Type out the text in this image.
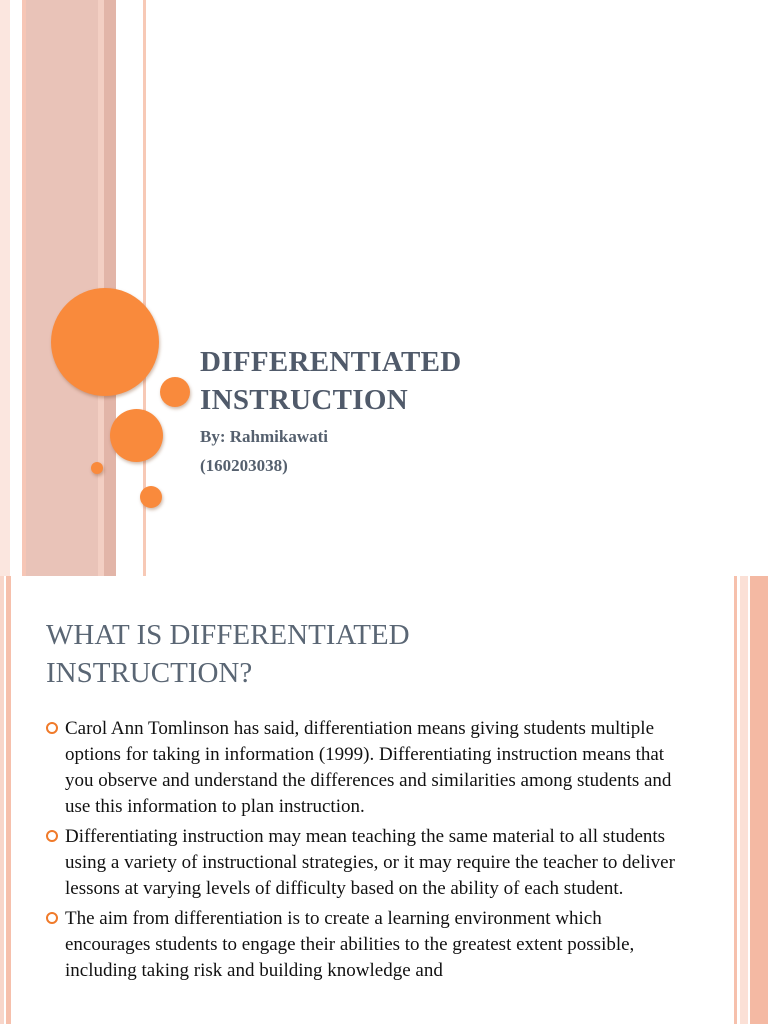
DIFFERENTIATED
INSTRUCTION
By: Rahmikawati
(160203038)
WHAT IS DIFFERENTIATED
INSTRUCTION?
Carol Ann Tomlinson has said, differentiation means giving students multiple options for taking in information (1999). Differentiating instruction means that you observe and understand the differences and similarities among students and use this information to plan instruction.
Differentiating instruction may mean teaching the same material to all students using a variety of instructional strategies, or it may require the teacher to deliver lessons at varying levels of difficulty based on the ability of each student.
The aim from differentiation is to create a learning environment which encourages students to engage their abilities to the greatest extent possible, including taking risk and building knowledge and
